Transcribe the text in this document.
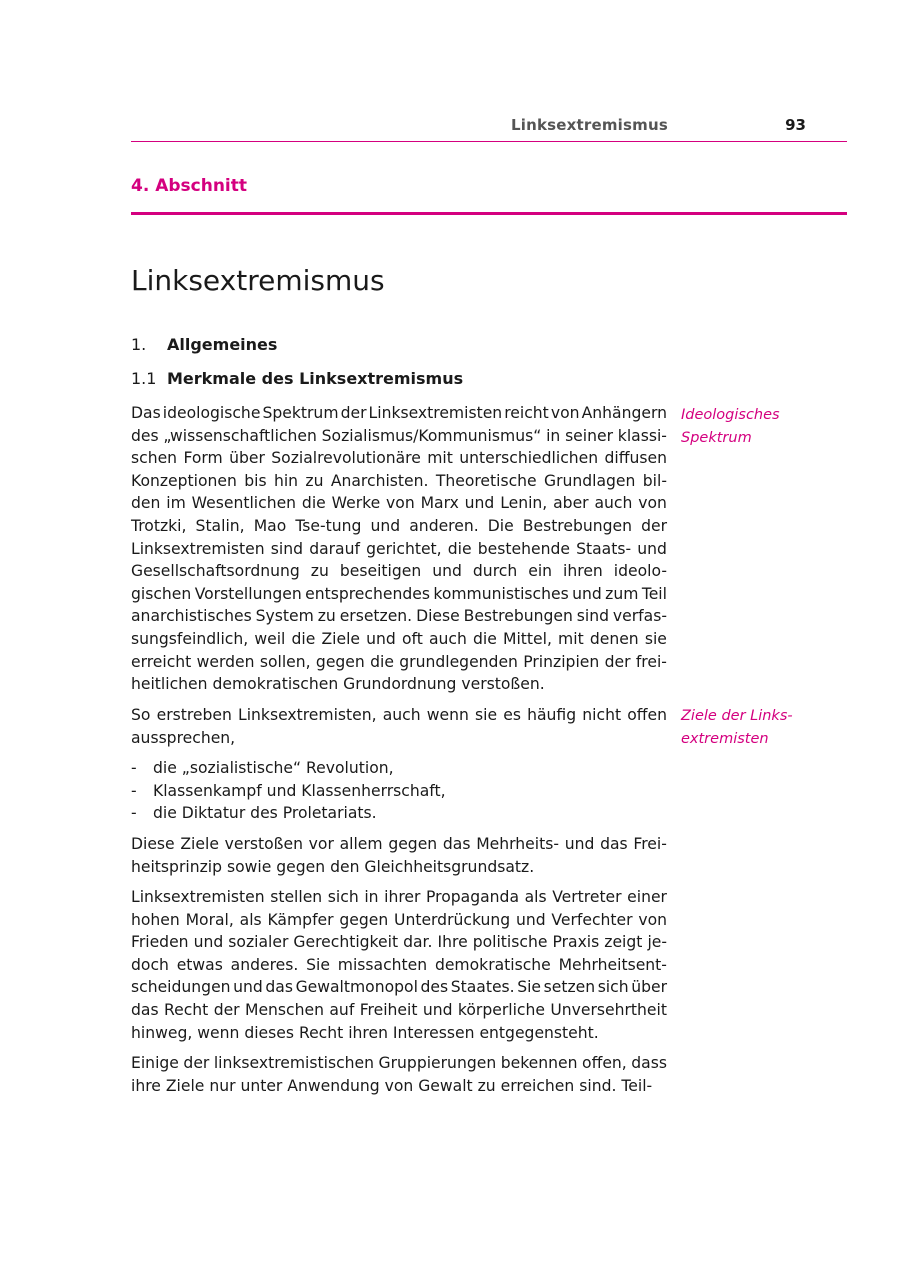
Linksextremismus	93
4. Abschnitt
Linksextremismus
1. Allgemeines
1.1 Merkmale des Linksextremismus
Das ideologische Spektrum der Linksextremisten reicht von Anhängern
des „wissenschaftlichen Sozialismus/Kommunismus“ in seiner klassi-
schen Form über Sozialrevolutionäre mit unterschiedlichen diffusen
Konzeptionen bis hin zu Anarchisten. Theoretische Grundlagen bil-
den im Wesentlichen die Werke von Marx und Lenin, aber auch von
Trotzki, Stalin, Mao Tse-tung und anderen. Die Bestrebungen der
Linksextremisten sind darauf gerichtet, die bestehende Staats- und
Gesellschaftsordnung zu beseitigen und durch ein ihren ideolo-
gischen Vorstellungen entsprechendes kommunistisches und zum Teil
anarchistisches System zu ersetzen. Diese Bestrebungen sind verfas-
sungsfeindlich, weil die Ziele und oft auch die Mittel, mit denen sie
erreicht werden sollen, gegen die grundlegenden Prinzipien der frei-
heitlichen demokratischen Grundordnung verstoßen.
So erstreben Linksextremisten, auch wenn sie es häufig nicht offen
aussprechen,
- die „sozialistische“ Revolution,
- Klassenkampf und Klassenherrschaft,
- die Diktatur des Proletariats.
Diese Ziele verstoßen vor allem gegen das Mehrheits- und das Frei-
heitsprinzip sowie gegen den Gleichheitsgrundsatz.
Linksextremisten stellen sich in ihrer Propaganda als Vertreter einer
hohen Moral, als Kämpfer gegen Unterdrückung und Verfechter von
Frieden und sozialer Gerechtigkeit dar. Ihre politische Praxis zeigt je-
doch etwas anderes. Sie missachten demokratische Mehrheitsent-
scheidungen und das Gewaltmonopol des Staates. Sie setzen sich über
das Recht der Menschen auf Freiheit und körperliche Unversehrtheit
hinweg, wenn dieses Recht ihren Interessen entgegensteht.
Einige der linksextremistischen Gruppierungen bekennen offen, dass
ihre Ziele nur unter Anwendung von Gewalt zu erreichen sind. Teil-
Ideologisches
Spektrum
Ziele der Links-
extremisten
